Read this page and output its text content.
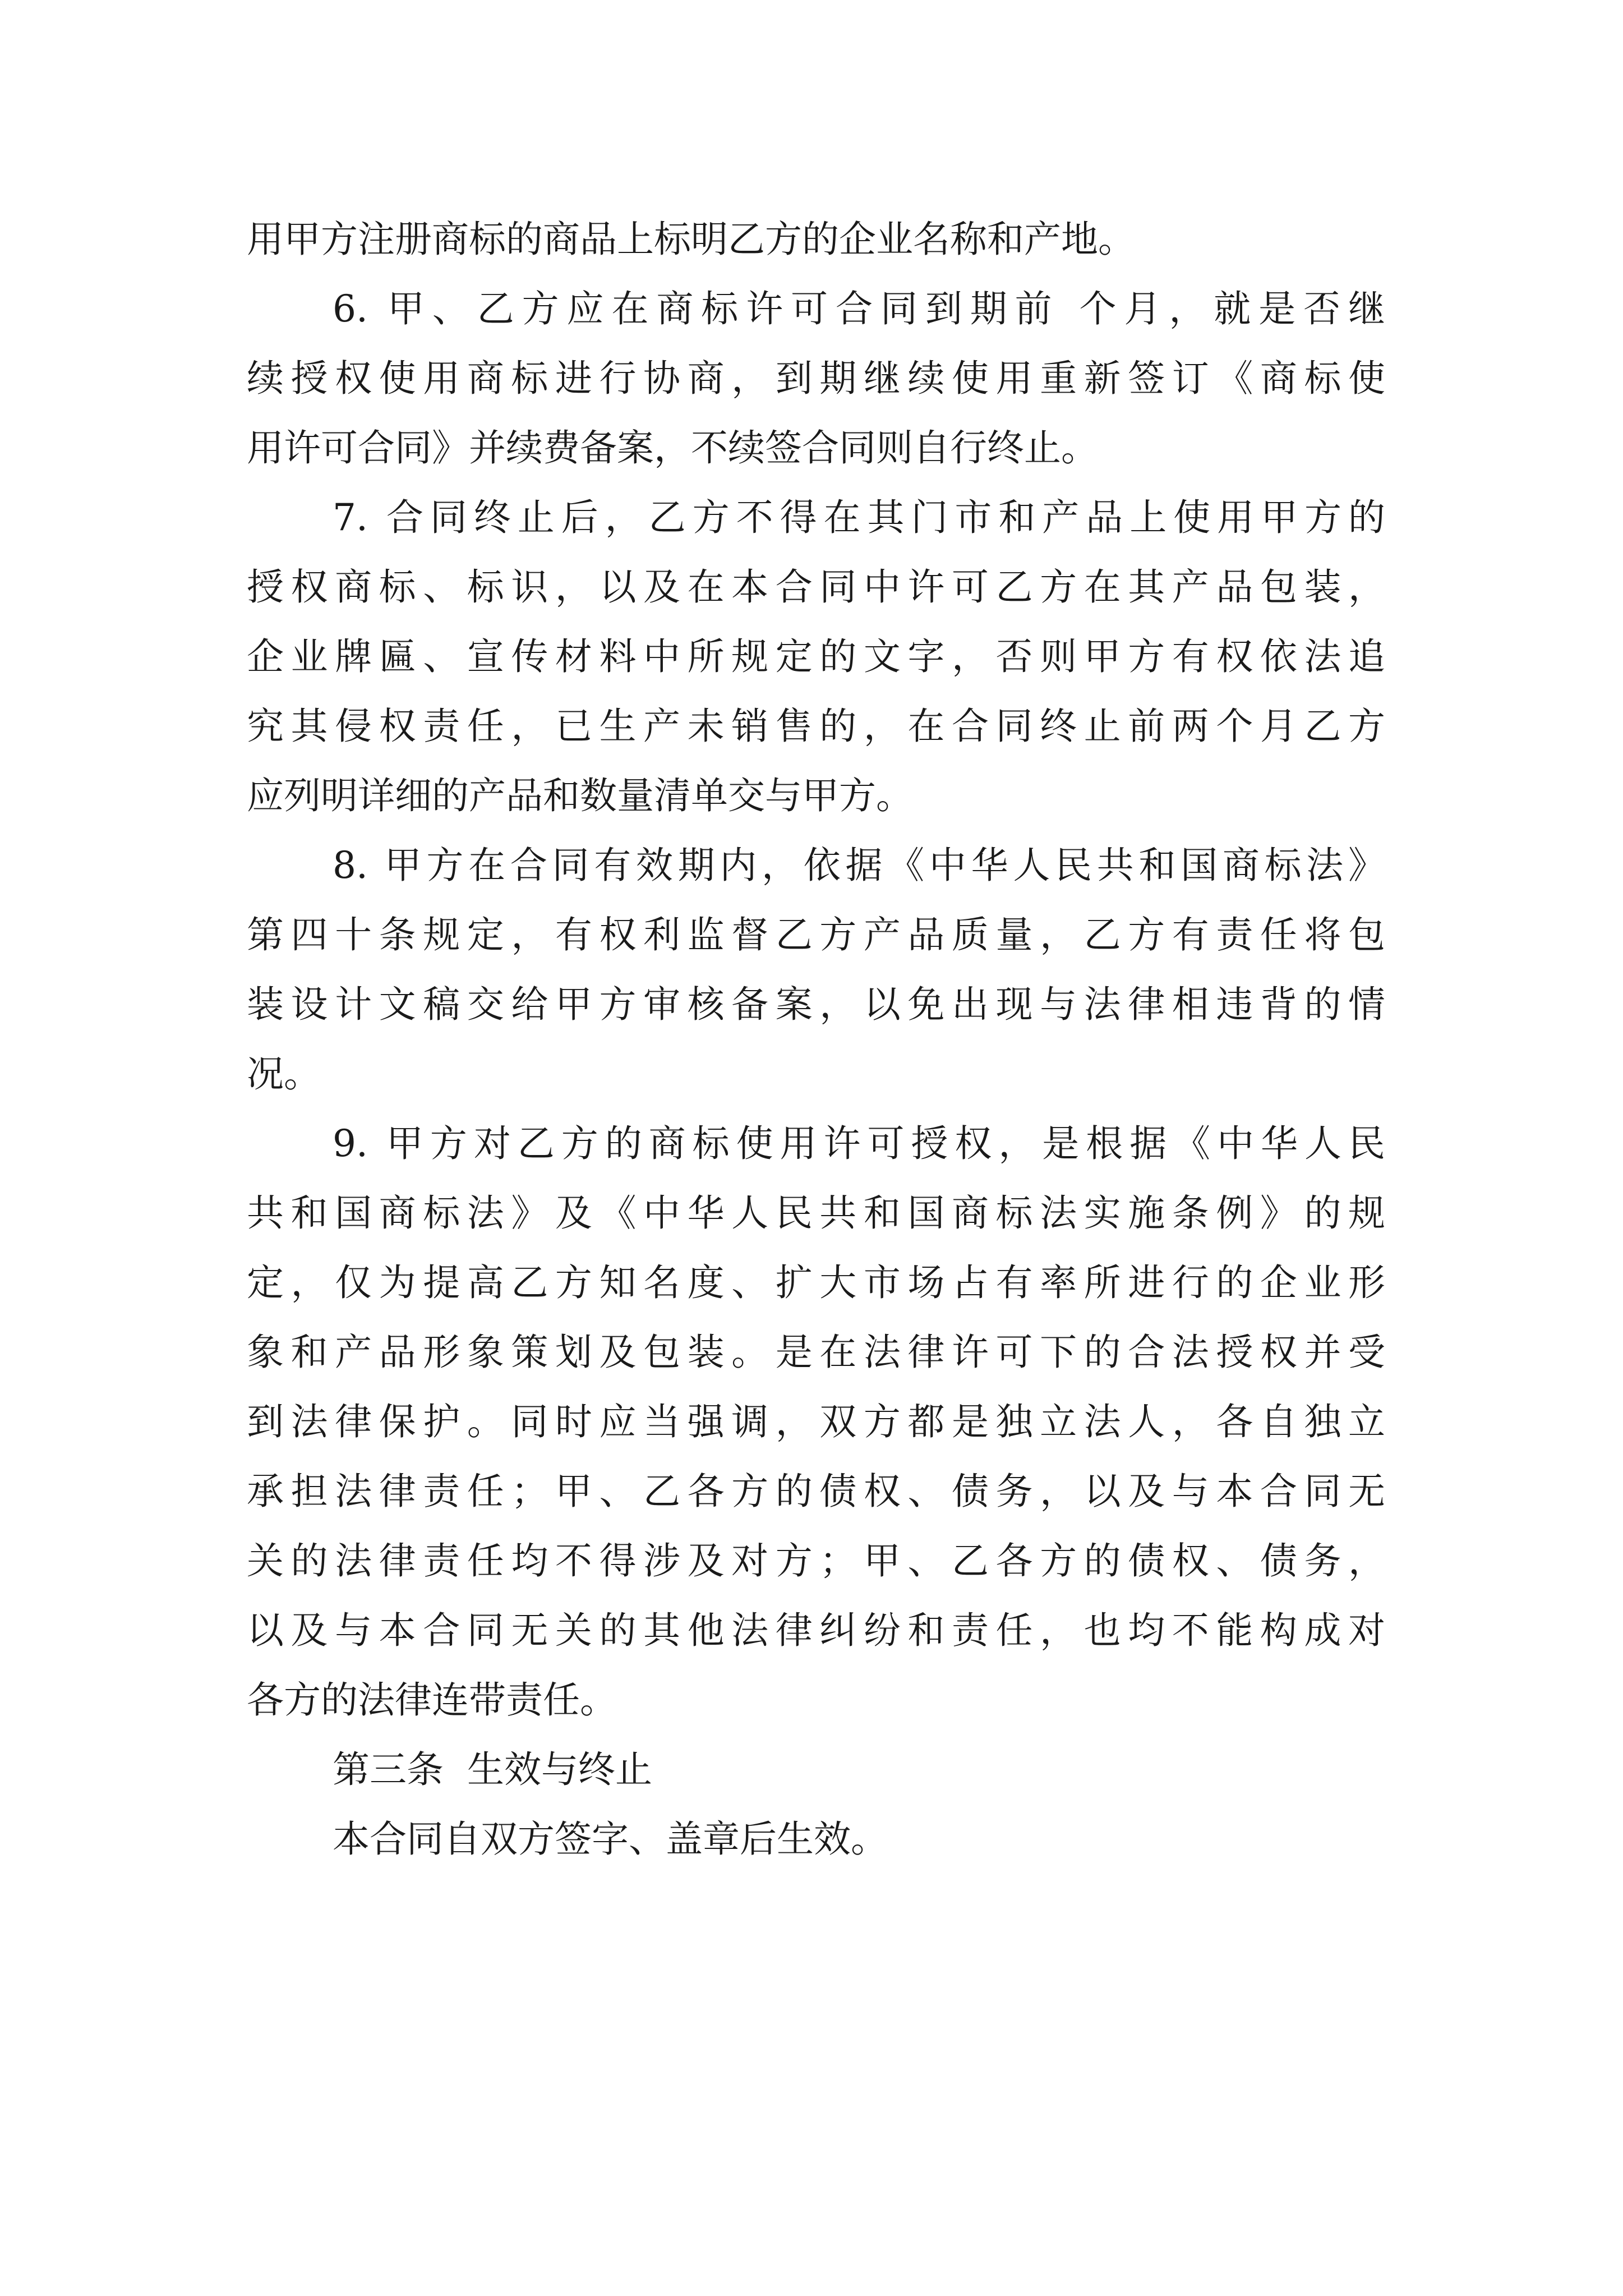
用甲方注册商标的商品上标明乙方的企业名称和产地。
6. 甲、乙方应在商标许可合同到期前 个月，就是否继
续授权使用商标进行协商，到期继续使用重新签订《商标使
用许可合同》并续费备案，不续签合同则自行终止。
7. 合同终止后，乙方不得在其门市和产品上使用甲方的
授权商标、标识，以及在本合同中许可乙方在其产品包装，
企业牌匾、宣传材料中所规定的文字，否则甲方有权依法追
究其侵权责任，已生产未销售的，在合同终止前两个月乙方
应列明详细的产品和数量清单交与甲方。
8. 甲方在合同有效期内，依据《中华人民共和国商标法》
第四十条规定，有权利监督乙方产品质量，乙方有责任将包
装设计文稿交给甲方审核备案，以免出现与法律相违背的情
况。
9. 甲方对乙方的商标使用许可授权，是根据《中华人民
共和国商标法》及《中华人民共和国商标法实施条例》的规
定，仅为提高乙方知名度、扩大市场占有率所进行的企业形
象和产品形象策划及包装。是在法律许可下的合法授权并受
到法律保护。同时应当强调，双方都是独立法人，各自独立
承担法律责任；甲、乙各方的债权、债务，以及与本合同无
关的法律责任均不得涉及对方；甲、乙各方的债权、债务，
以及与本合同无关的其他法律纠纷和责任，也均不能构成对
各方的法律连带责任。
第三条  生效与终止
本合同自双方签字、盖章后生效。
